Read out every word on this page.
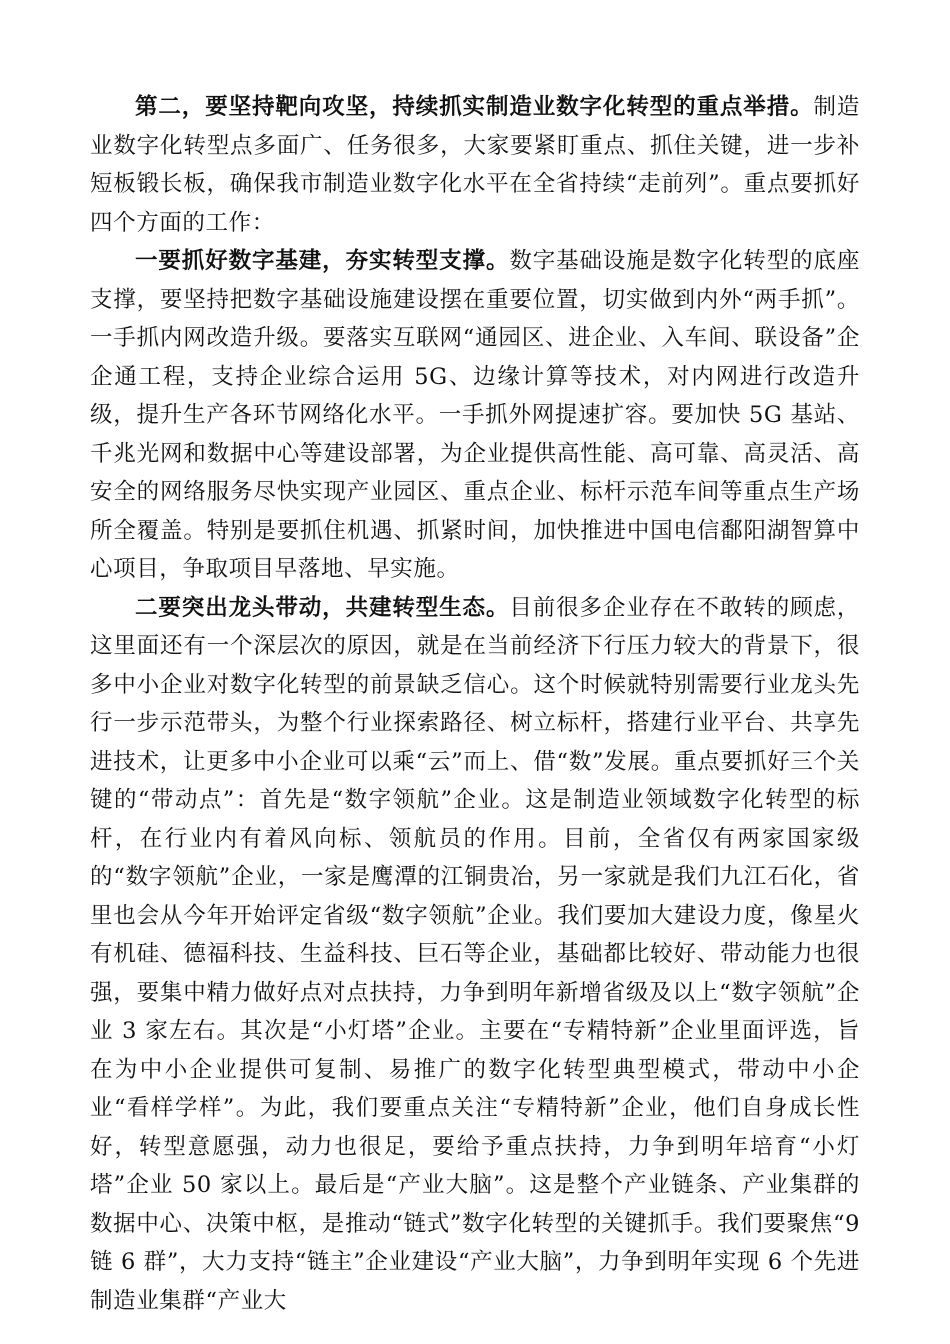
第二，要坚持靶向攻坚，持续抓实制造业数字化转型的重点举措。制造业数字化转型点多面广、任务很多，大家要紧盯重点、抓住关键，进一步补短板锻长板，确保我市制造业数字化水平在全省持续“走前列”。重点要抓好四个方面的工作：

一要抓好数字基建，夯实转型支撑。数字基础设施是数字化转型的底座支撑，要坚持把数字基础设施建设摆在重要位置，切实做到内外“两手抓”。一手抓内网改造升级。要落实互联网“通园区、进企业、入车间、联设备”企企通工程，支持企业综合运用 5G、边缘计算等技术，对内网进行改造升级，提升生产各环节网络化水平。一手抓外网提速扩容。要加快 5G 基站、千兆光网和数据中心等建设部署，为企业提供高性能、高可靠、高灵活、高安全的网络服务尽快实现产业园区、重点企业、标杆示范车间等重点生产场所全覆盖。特别是要抓住机遇、抓紧时间，加快推进中国电信鄱阳湖智算中心项目，争取项目早落地、早实施。

二要突出龙头带动，共建转型生态。目前很多企业存在不敢转的顾虑，这里面还有一个深层次的原因，就是在当前经济下行压力较大的背景下，很多中小企业对数字化转型的前景缺乏信心。这个时候就特别需要行业龙头先行一步示范带头，为整个行业探索路径、树立标杆，搭建行业平台、共享先进技术，让更多中小企业可以乘“云”而上、借“数”发展。重点要抓好三个关键的“带动点”：首先是“数字领航”企业。这是制造业领域数字化转型的标杆，在行业内有着风向标、领航员的作用。目前，全省仅有两家国家级的“数字领航”企业，一家是鹰潭的江铜贵冶，另一家就是我们九江石化，省里也会从今年开始评定省级“数字领航”企业。我们要加大建设力度，像星火有机硅、德福科技、生益科技、巨石等企业，基础都比较好、带动能力也很强，要集中精力做好点对点扶持，力争到明年新增省级及以上“数字领航”企业 3 家左右。其次是“小灯塔”企业。主要在“专精特新”企业里面评选，旨在为中小企业提供可复制、易推广的数字化转型典型模式，带动中小企业“看样学样”。为此，我们要重点关注“专精特新”企业，他们自身成长性好，转型意愿强，动力也很足，要给予重点扶持，力争到明年培育“小灯塔”企业 50 家以上。最后是“产业大脑”。这是整个产业链条、产业集群的数据中心、决策中枢，是推动“链式”数字化转型的关键抓手。我们要聚焦“9 链 6 群”，大力支持“链主”企业建设“产业大脑”，力争到明年实现 6 个先进制造业集群“产业大
